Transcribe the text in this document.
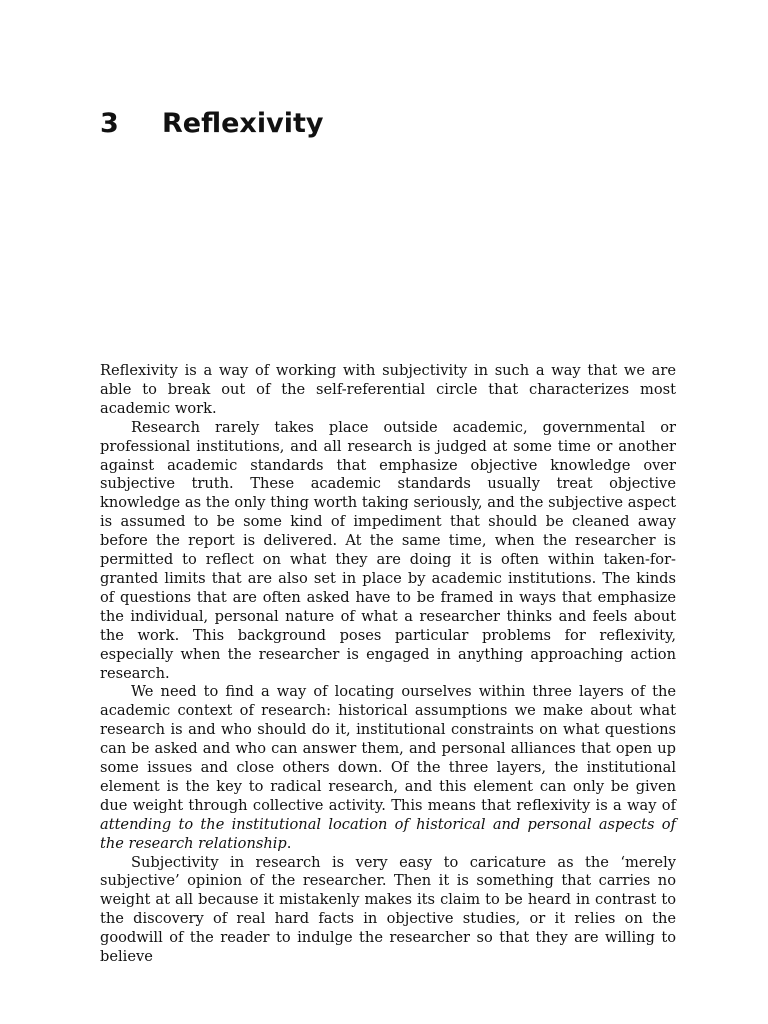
3 Reflexivity

Reflexivity is a way of working with subjectivity in such a way that we are able to break out of the self-referential circle that characterizes most academic work.

Research rarely takes place outside academic, governmental or professional institutions, and all research is judged at some time or another against academic standards that emphasize objective knowledge over subjective truth. These academic standards usually treat objective knowledge as the only thing worth taking seriously, and the subjective aspect is assumed to be some kind of impediment that should be cleaned away before the report is delivered. At the same time, when the researcher is permitted to reflect on what they are doing it is often within taken-for-granted limits that are also set in place by academic institutions. The kinds of questions that are often asked have to be framed in ways that emphasize the individual, personal nature of what a researcher thinks and feels about the work. This background poses particular problems for reflexivity, especially when the researcher is engaged in anything approaching action research.

We need to find a way of locating ourselves within three layers of the academic context of research: historical assumptions we make about what research is and who should do it, institutional constraints on what questions can be asked and who can answer them, and personal alliances that open up some issues and close others down. Of the three layers, the institutional element is the key to radical research, and this element can only be given due weight through collective activity. This means that reflexivity is a way of attending to the institutional location of historical and personal aspects of the research relationship.

Subjectivity in research is very easy to caricature as the ‘merely subjective’ opinion of the researcher. Then it is something that carries no weight at all because it mistakenly makes its claim to be heard in contrast to the discovery of real hard facts in objective studies, or it relies on the goodwill of the reader to indulge the researcher so that they are willing to believe
